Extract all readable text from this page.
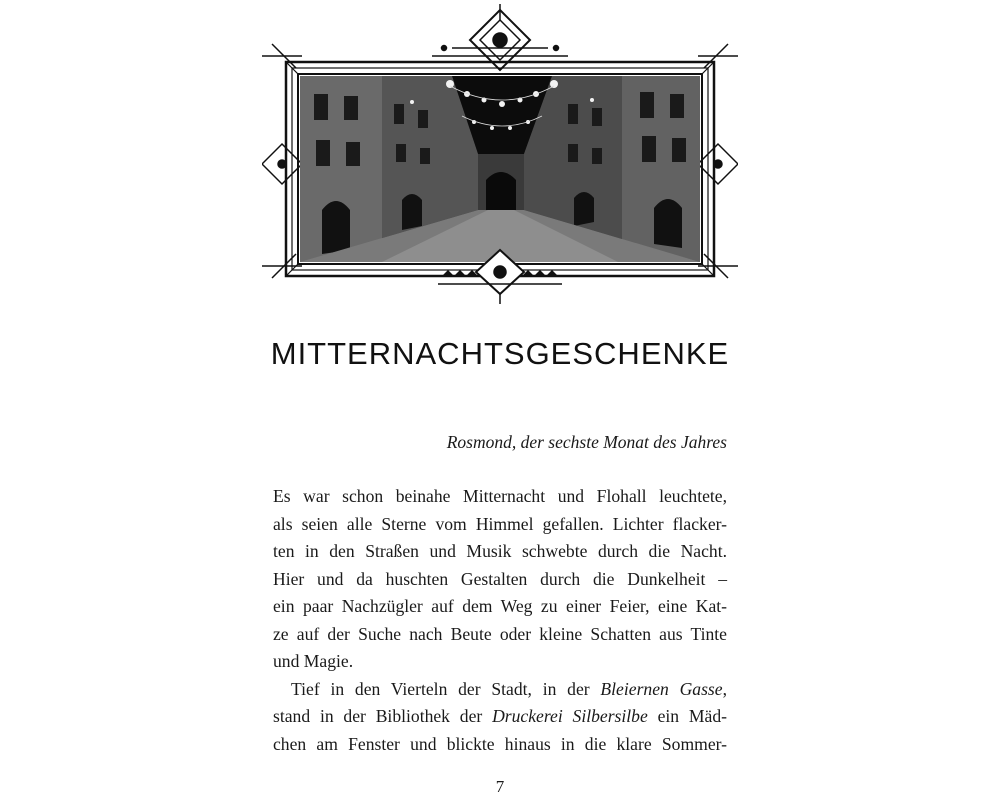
MITTERNACHTSGESCHENKE
Rosmond, der sechste Monat des Jahres
Es war schon beinahe Mitternacht und Flohall leuchtete,
als seien alle Sterne vom Himmel gefallen. Lichter flacker-
ten in den Straßen und Musik schwebte durch die Nacht.
Hier und da huschten Gestalten durch die Dunkelheit –
ein paar Nachzügler auf dem Weg zu einer Feier, eine Kat-
ze auf der Suche nach Beute oder kleine Schatten aus Tinte
und Magie.
Tief in den Vierteln der Stadt, in der Bleiernen Gasse,
stand in der Bibliothek der Druckerei Silbersilbe ein Mäd-
chen am Fenster und blickte hinaus in die klare Sommer-
7
